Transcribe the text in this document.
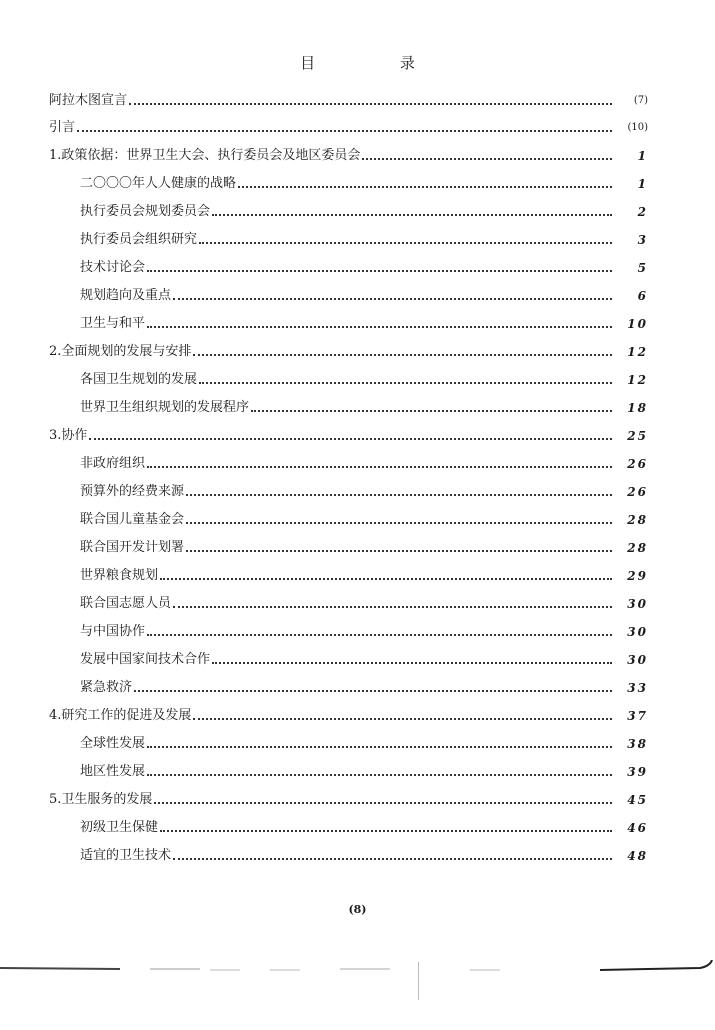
目	录
阿拉木图宣言	(7)
引言	(10)
1.政策依据：世界卫生大会、执行委员会及地区委员会	1
二〇〇〇年人人健康的战略	1
执行委员会规划委员会	2
执行委员会组织研究	3
技术讨论会	5
规划趋向及重点	6
卫生与和平	10
2.全面规划的发展与安排	12
各国卫生规划的发展	12
世界卫生组织规划的发展程序	18
3.协作	25
非政府组织	26
预算外的经费来源	26
联合国儿童基金会	28
联合国开发计划署	28
世界粮食规划	29
联合国志愿人员	30
与中国协作	30
发展中国家间技术合作	30
紧急救济	33
4.研究工作的促进及发展	37
全球性发展	38
地区性发展	39
5.卫生服务的发展	45
初级卫生保健	46
适宜的卫生技术	48
(8)
